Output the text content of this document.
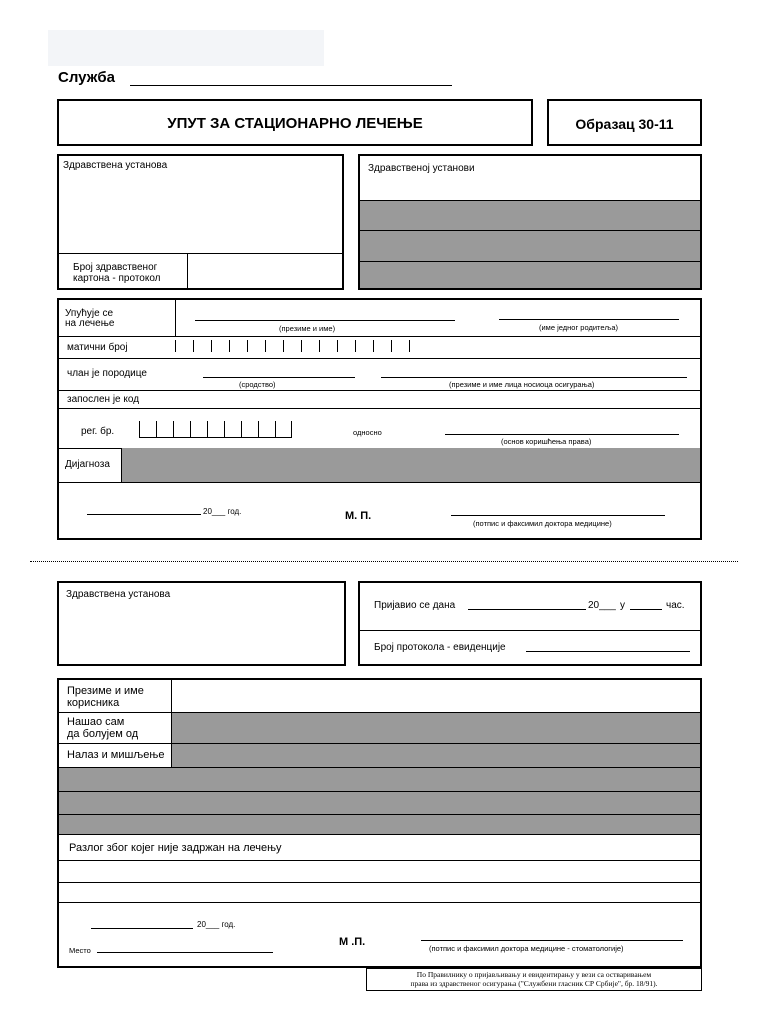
Служба
УПУТ ЗА СТАЦИОНАРНО ЛЕЧЕЊЕ	Образац 30-11
Здравствена установа
Број здравственог
картона - протокол
Здравственој установи
Упућује се
на лечење	(презиме и име)	(име једног родитеља)
матични број
члан је породице
(сродство)	(презиме и име лица носиоца осигурања)
запослен је код
рег. бр.	односно
(основ коришћења права)
Дијагноза
20___ год.	М. П.
(потпис и факсимил доктора медицине)
Здравствена установа
Пријавио се дана	20___ у	час.
Број протокола - евиденције
Презиме и име
корисника
Нашао сам
да болујем од
Налаз и мишљење
Разлог због којег није задржан на лечењу
20___ год.
Место
М .П.
(потпис и факсимил доктора медицине - стоматологије)
По Правилнику о пријављивању и евидентирању у вези са остваривањем
права из здравственог осигурања ("Службени гласник СР Србије", бр. 18/91).
